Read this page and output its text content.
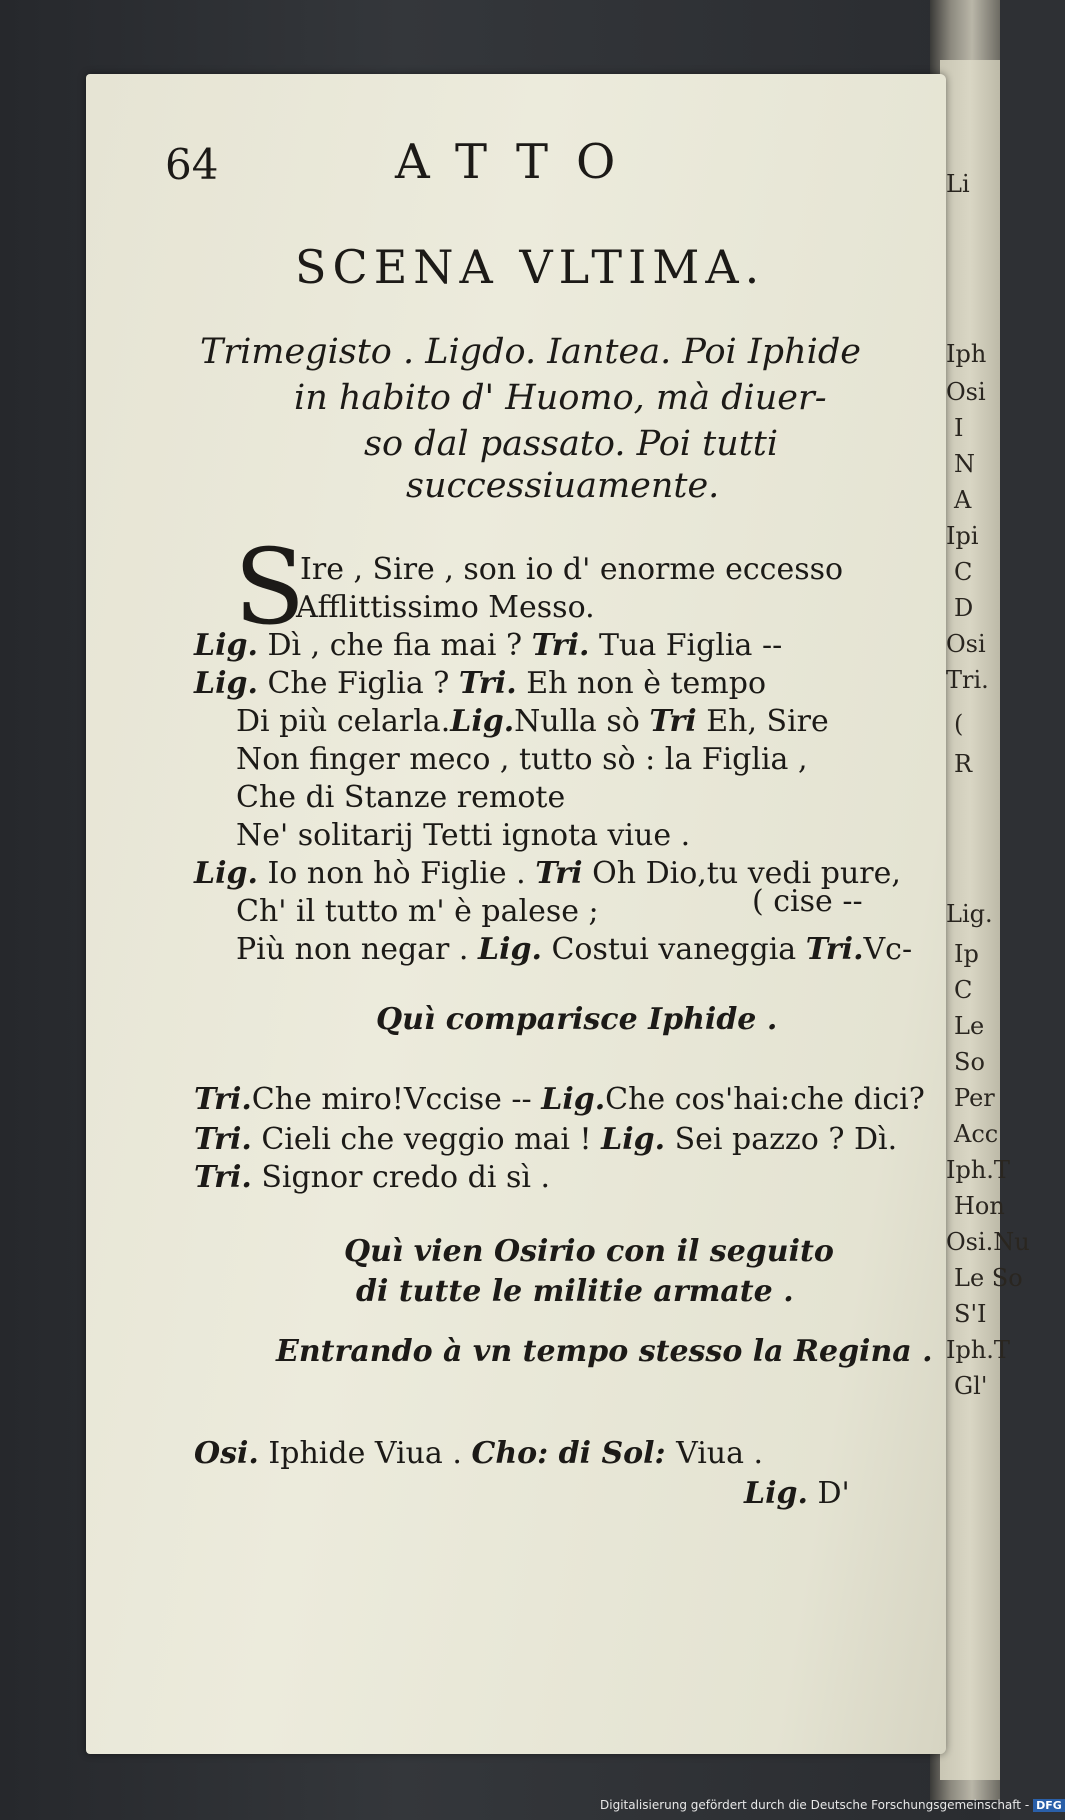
Li
Iph
Osi
I
N
A
Ipi
C
D
Osi
Tri.
(
R
Lig.
Ip
C
Le
So
Per
Acc
Iph.T
Hon
Osi.Nu
Le So
S'I
Iph.T
Gl'
64	ATTO
SCENA VLTIMA.
Trimegisto . Ligdo. Iantea. Poi Iphide
in habito d' Huomo, mà diuer-
so dal passato. Poi tutti
successiuamente.
S
Ire , Sire , son io d' enorme eccesso
Afflittissimo Messo.
Lig. Dì , che fia mai ? Tri. Tua Figlia --
Lig. Che Figlia ? Tri. Eh non è tempo
Di più celarla.Lig.Nulla sò Tri Eh, Sire
Non finger meco , tutto sò : la Figlia ,
Che di Stanze remote
Ne' solitarij Tetti ignota viue .
Lig. Io non hò Figlie . Tri Oh Dio,tu vedi pure,
Ch' il tutto m' è palese ;
Più non negar . Lig. Costui vaneggia Tri.Vc-
Tri.Che miro!Vccise -- Lig.Che cos'hai:che dici?
Tri. Cieli che veggio mai ! Lig. Sei pazzo ? Dì.
Tri. Signor credo di sì .
Osi. Iphide Viua . Cho: di Sol: Viua .
Lig. D'
( cise --
Quì comparisce Iphide .
Quì vien Osirio con il seguito
di tutte le militie armate .
Entrando à vn tempo stesso la Regina .
Digitalisierung gefördert durch die Deutsche Forschungsgemeinschaft - DFG
